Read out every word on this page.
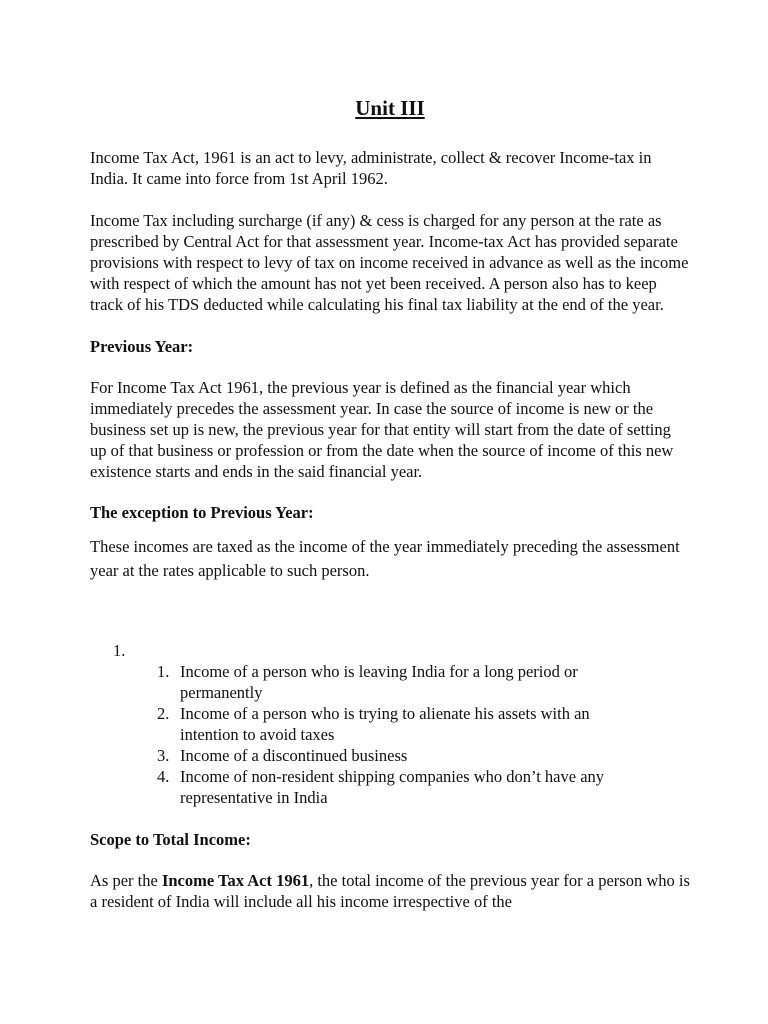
Unit III

Income Tax Act, 1961 is an act to levy, administrate, collect & recover Income-tax in India. It came into force from 1st April 1962.

Income Tax including surcharge (if any) & cess is charged for any person at the rate as prescribed by Central Act for that assessment year. Income-tax Act has provided separate provisions with respect to levy of tax on income received in advance as well as the income with respect of which the amount has not yet been received. A person also has to keep track of his TDS deducted while calculating his final tax liability at the end of the year.

Previous Year:

For Income Tax Act 1961, the previous year is defined as the financial year which immediately precedes the assessment year. In case the source of income is new or the business set up is new, the previous year for that entity will start from the date of setting up of that business or profession or from the date when the source of income of this new existence starts and ends in the said financial year.

The exception to Previous Year:

These incomes are taxed as the income of the year immediately preceding the assessment year at the rates applicable to such person.

1.
1. Income of a person who is leaving India for a long period or permanently
2. Income of a person who is trying to alienate his assets with an intention to avoid taxes
3. Income of a discontinued business
4. Income of non-resident shipping companies who don’t have any representative in India

Scope to Total Income:

As per the Income Tax Act 1961, the total income of the previous year for a person who is a resident of India will include all his income irrespective of the
